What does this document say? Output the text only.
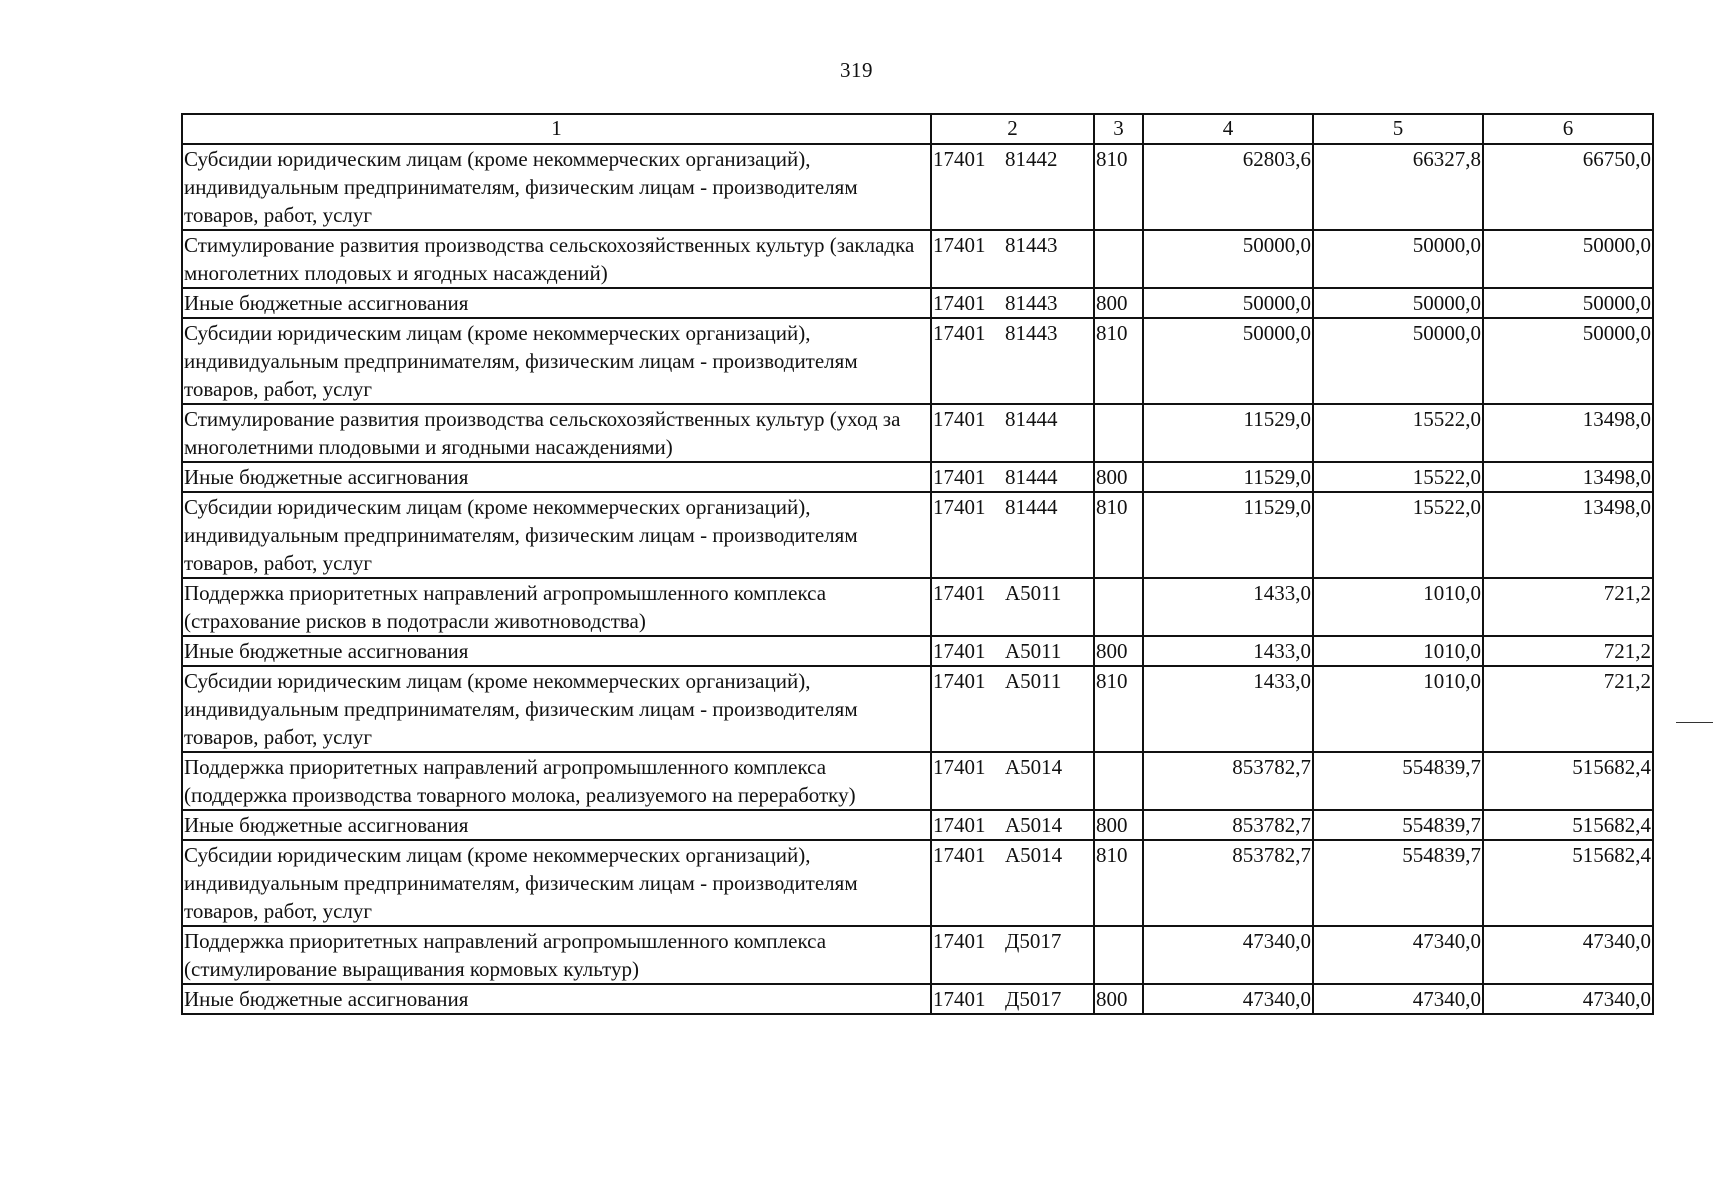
319
1	2	3	4	5	6
Субсидии юридическим лицам (кроме некоммерческих организаций), индивидуальным предпринимателям, физическим лицам - производителям товаров, работ, услуг	17401 81442	810	62803,6	66327,8	66750,0
Стимулирование развития производства сельскохозяйственных культур (закладка многолетних плодовых и ягодных насаждений)	17401 81443		50000,0	50000,0	50000,0
Иные бюджетные ассигнования	17401 81443	800	50000,0	50000,0	50000,0
Субсидии юридическим лицам (кроме некоммерческих организаций), индивидуальным предпринимателям, физическим лицам - производителям товаров, работ, услуг	17401 81443	810	50000,0	50000,0	50000,0
Стимулирование развития производства сельскохозяйственных культур (уход за многолетними плодовыми и ягодными насаждениями)	17401 81444		11529,0	15522,0	13498,0
Иные бюджетные ассигнования	17401 81444	800	11529,0	15522,0	13498,0
Субсидии юридическим лицам (кроме некоммерческих организаций), индивидуальным предпринимателям, физическим лицам - производителям товаров, работ, услуг	17401 81444	810	11529,0	15522,0	13498,0
Поддержка приоритетных направлений агропромышленного комплекса (страхование рисков в подотрасли животноводства)	17401 А5011		1433,0	1010,0	721,2
Иные бюджетные ассигнования	17401 А5011	800	1433,0	1010,0	721,2
Субсидии юридическим лицам (кроме некоммерческих организаций), индивидуальным предпринимателям, физическим лицам - производителям товаров, работ, услуг	17401 А5011	810	1433,0	1010,0	721,2
Поддержка приоритетных направлений агропромышленного комплекса (поддержка производства товарного молока, реализуемого на переработку)	17401 А5014		853782,7	554839,7	515682,4
Иные бюджетные ассигнования	17401 А5014	800	853782,7	554839,7	515682,4
Субсидии юридическим лицам (кроме некоммерческих организаций), индивидуальным предпринимателям, физическим лицам - производителям товаров, работ, услуг	17401 А5014	810	853782,7	554839,7	515682,4
Поддержка приоритетных направлений агропромышленного комплекса (стимулирование выращивания кормовых культур)	17401 Д5017		47340,0	47340,0	47340,0
Иные бюджетные ассигнования	17401 Д5017	800	47340,0	47340,0	47340,0
